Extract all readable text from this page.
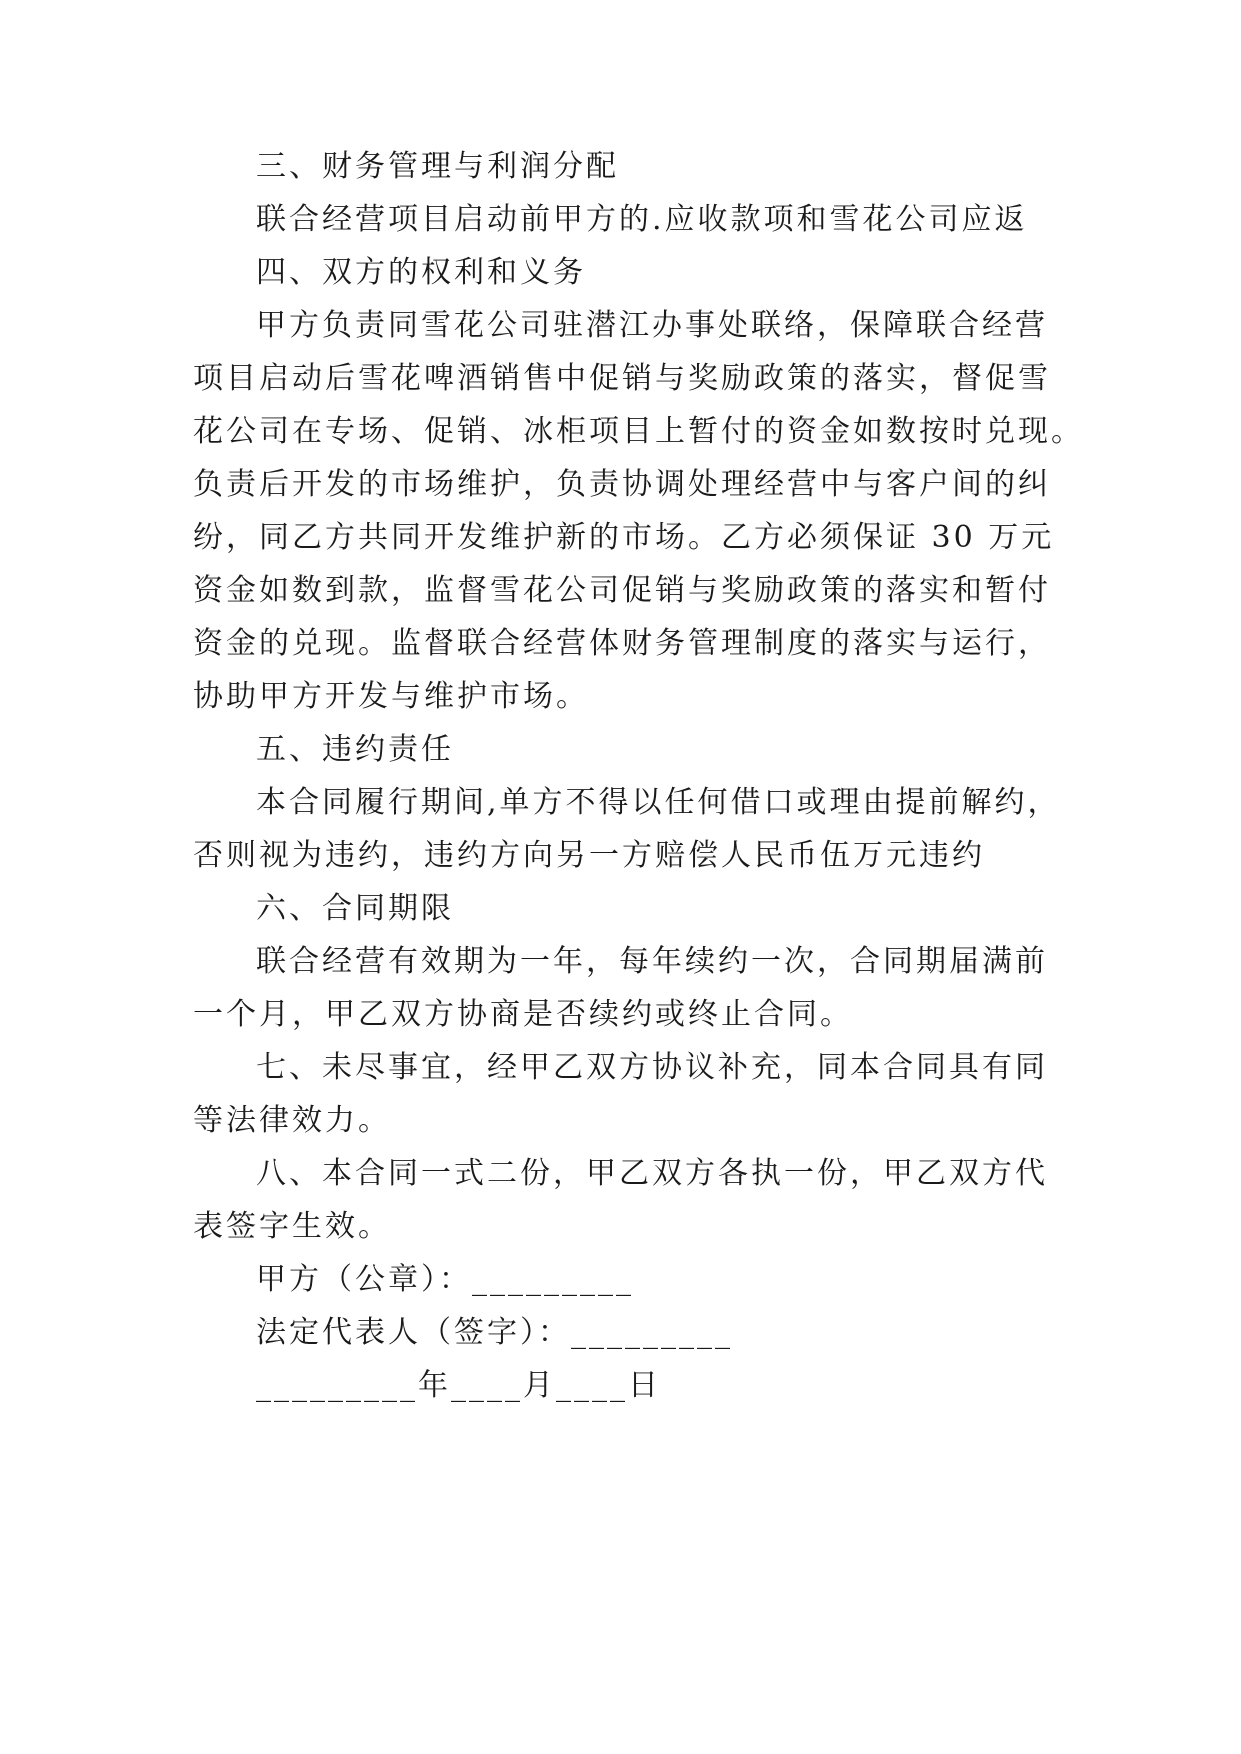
三、财务管理与利润分配
联合经营项目启动前甲方的.应收款项和雪花公司应返
四、双方的权利和义务
甲方负责同雪花公司驻潜江办事处联络，保障联合经营
项目启动后雪花啤酒销售中促销与奖励政策的落实，督促雪
花公司在专场、促销、冰柜项目上暂付的资金如数按时兑现。
负责后开发的市场维护，负责协调处理经营中与客户间的纠
纷，同乙方共同开发维护新的市场。乙方必须保证 30 万元
资金如数到款，监督雪花公司促销与奖励政策的落实和暂付
资金的兑现。监督联合经营体财务管理制度的落实与运行，
协助甲方开发与维护市场。
五、违约责任
本合同履行期间,单方不得以任何借口或理由提前解约，
否则视为违约，违约方向另一方赔偿人民币伍万元违约
六、合同期限
联合经营有效期为一年，每年续约一次，合同期届满前
一个月，甲乙双方协商是否续约或终止合同。
七、未尽事宜，经甲乙双方协议补充，同本合同具有同
等法律效力。
八、本合同一式二份，甲乙双方各执一份，甲乙双方代
表签字生效。
甲方（公章）：_________
法定代表人（签字）：_________
_________年____月____日
